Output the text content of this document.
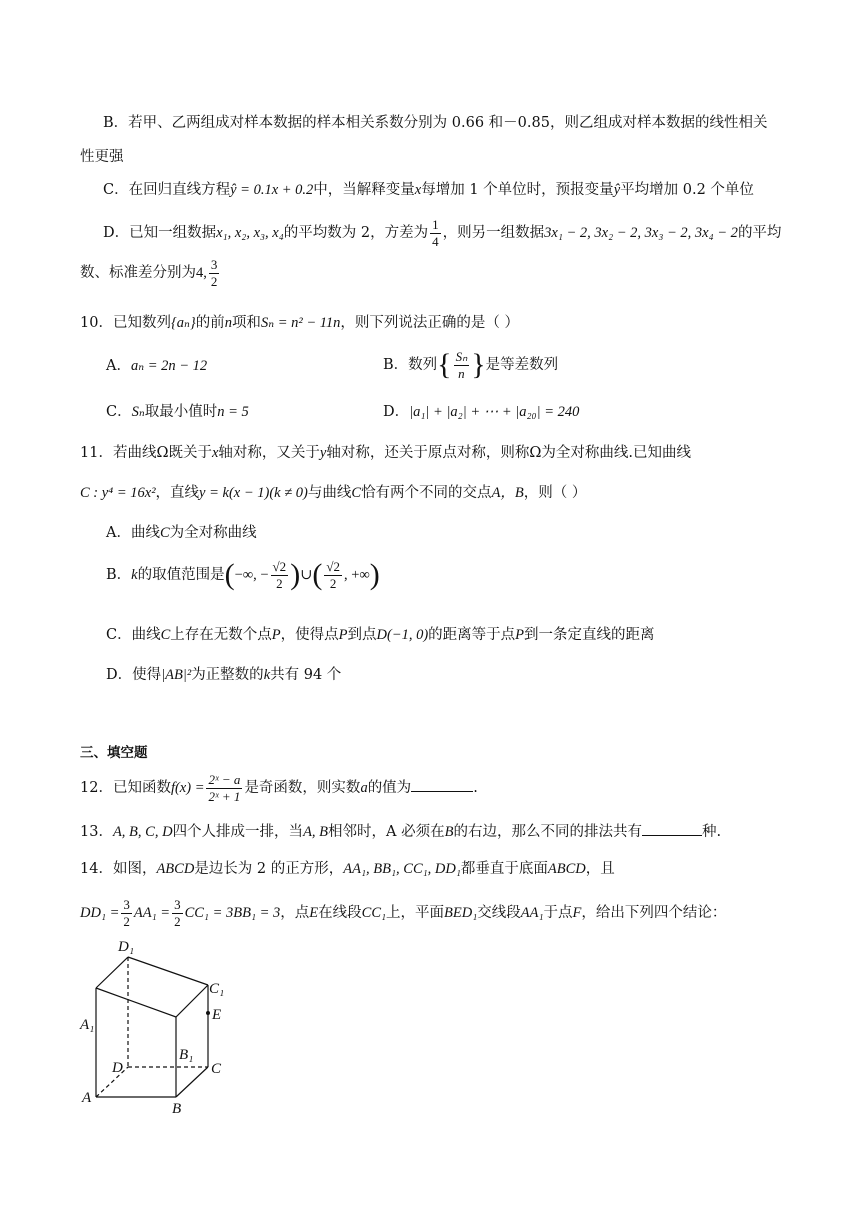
B．若甲、乙两组成对样本数据的样本相关系数分别为 0.66 和－0.85，则乙组成对样本数据的线性相关
性更强
C．在回归直线方程ŷ = 0.1x + 0.2中，当解释变量x每增加 1 个单位时，预报变量ŷ平均增加 0.2 个单位
D．已知一组数据x₁, x₂, x₃, x₄的平均数为 2，方差为 $\frac{1}{4}$ ，则另一组数据3x₁ − 2, 3x₂ − 2, 3x₃ − 2, 3x₄ − 2的平均
数、标准差分别为4, $\frac{3}{2}$
10．已知数列{aₙ}的前n项和Sₙ = n² − 11n，则下列说法正确的是（ ）
A．aₙ = 2n − 12	B．数列{ $\frac{\text{Sₙ}}{n}$ }是等差数列
C．Sₙ取最小值时n = 5	D．|a₁| + |a₂| + ⋯ + |a₂₀| = 240
11．若曲线Ω既关于x轴对称，又关于y轴对称，还关于原点对称，则称Ω为全对称曲线.已知曲线
C : y⁴ = 16x²，直线y = k(x − 1)(k ≠ 0)与曲线C恰有两个不同的交点A，B，则（ ）
A．曲线C为全对称曲线
B．k的取值范围是(−∞, − $\frac{√2}{2}$ )∪( $\frac{√2}{2}$ , +∞)
C．曲线C上存在无数个点P，使得点P到点D(−1, 0)的距离等于点P到一条定直线的距离
D．使得|AB|²为正整数的k共有 94 个
三、填空题
12．已知函数$f(x) = \frac{\text{2ˣ − a}}{\text{2ˣ + 1}}$ 是奇函数，则实数a的值为	.
13．A, B, C, D四个人排成一排，当A, B相邻时，A 必须在B的右边，那么不同的排法共有	种.
14．如图，ABCD是边长为 2 的正方形，AA₁, BB₁, CC₁, DD₁都垂直于底面ABCD，且
$DD_1 = \frac{3}{2} AA_1 = \frac{3}{2} CC_1 = 3BB_1 = 3$，点E在线段CC₁上，平面BED₁交线段AA₁于点F，给出下列四个结论：
D₁
C₁
A₁
E
B₁
D	C
A
B
